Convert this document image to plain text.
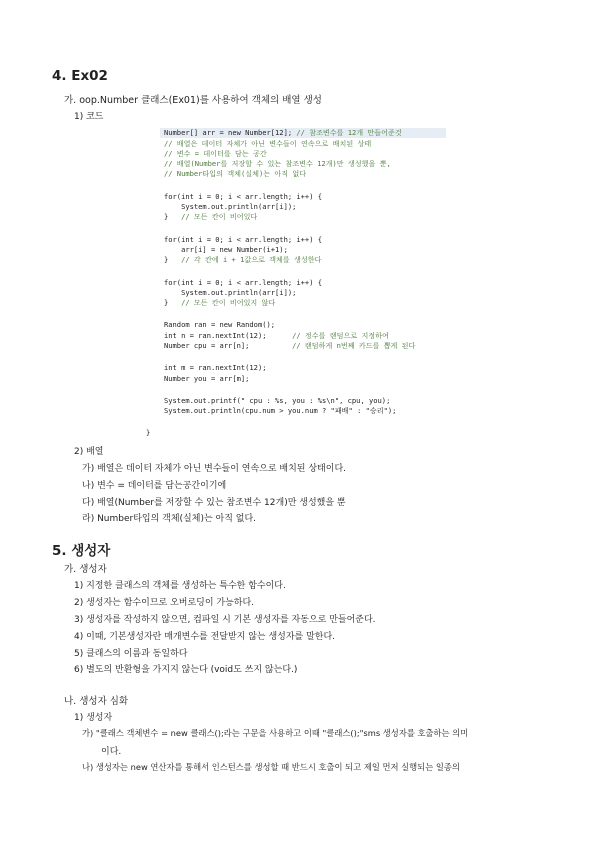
4. Ex02
가. oop.Number 클래스(Ex01)를 사용하여 객체의 배열 생성
1) 코드
Number[] arr = new Number[12]; // 참조변수를 12개 만들어준것
// 배열은 데이터 자체가 아닌 변수들이 연속으로 배치된 상태
// 변수 = 데이터를 담는 공간
// 배열(Number를 저장할 수 있는 참조변수 12개)만 생성했을 뿐,
// Number타입의 객체(실체)는 아직 없다
for(int i = 0; i < arr.length; i++) {
System.out.println(arr[i]);
}   // 모든 칸이 비어있다
for(int i = 0; i < arr.length; i++) {
arr[i] = new Number(i+1);
}   // 각 칸에 i + 1값으로 객체를 생성한다
for(int i = 0; i < arr.length; i++) {
System.out.println(arr[i]);
}   // 모든 칸이 비어있지 않다
Random ran = new Random();
int n = ran.nextInt(12);      // 정수를 랜덤으로 지정하여
Number cpu = arr[n];          // 랜덤하게 n번째 카드를 뽑게 된다
int m = ran.nextInt(12);
Number you = arr[m];
System.out.printf(" cpu : %s, you : %s\n", cpu, you);
System.out.println(cpu.num > you.num ? "패배" : "승리");
}
2) 배열
가) 배열은 데이터 자체가 아닌 변수들이 연속으로 배치된 상태이다.
나) 변수 = 데이터를 담는공간이기에
다) 배열(Number를 저장할 수 있는 참조변수 12개)만 생성했을 뿐
라) Number타입의 객체(실체)는 아직 없다.
5. 생성자
가. 생성자
1) 지정한 클래스의 객체를 생성하는 특수한 함수이다.
2) 생성자는 함수이므로 오버로딩이 가능하다.
3) 생성자를 작성하지 않으면, 컴파일 시 기본 생성자를 자동으로 만들어준다.
4) 이때, 기본생성자란 매개변수를 전달받지 않는 생성자를 말한다.
5) 클래스의 이름과 동일하다
6) 별도의 반환형을 가지지 않는다 (void도 쓰지 않는다.)
나. 생성자 심화
1) 생성자
가) "클래스 객체변수 = new 클래스();라는 구문을 사용하고 이때 "클래스();"sms 생성자를 호출하는 의미
이다.
나) 생성자는 new 연산자를 통해서 인스턴스를 생성할 때 반드시 호출이 되고 제일 먼저 실행되는 일종의
